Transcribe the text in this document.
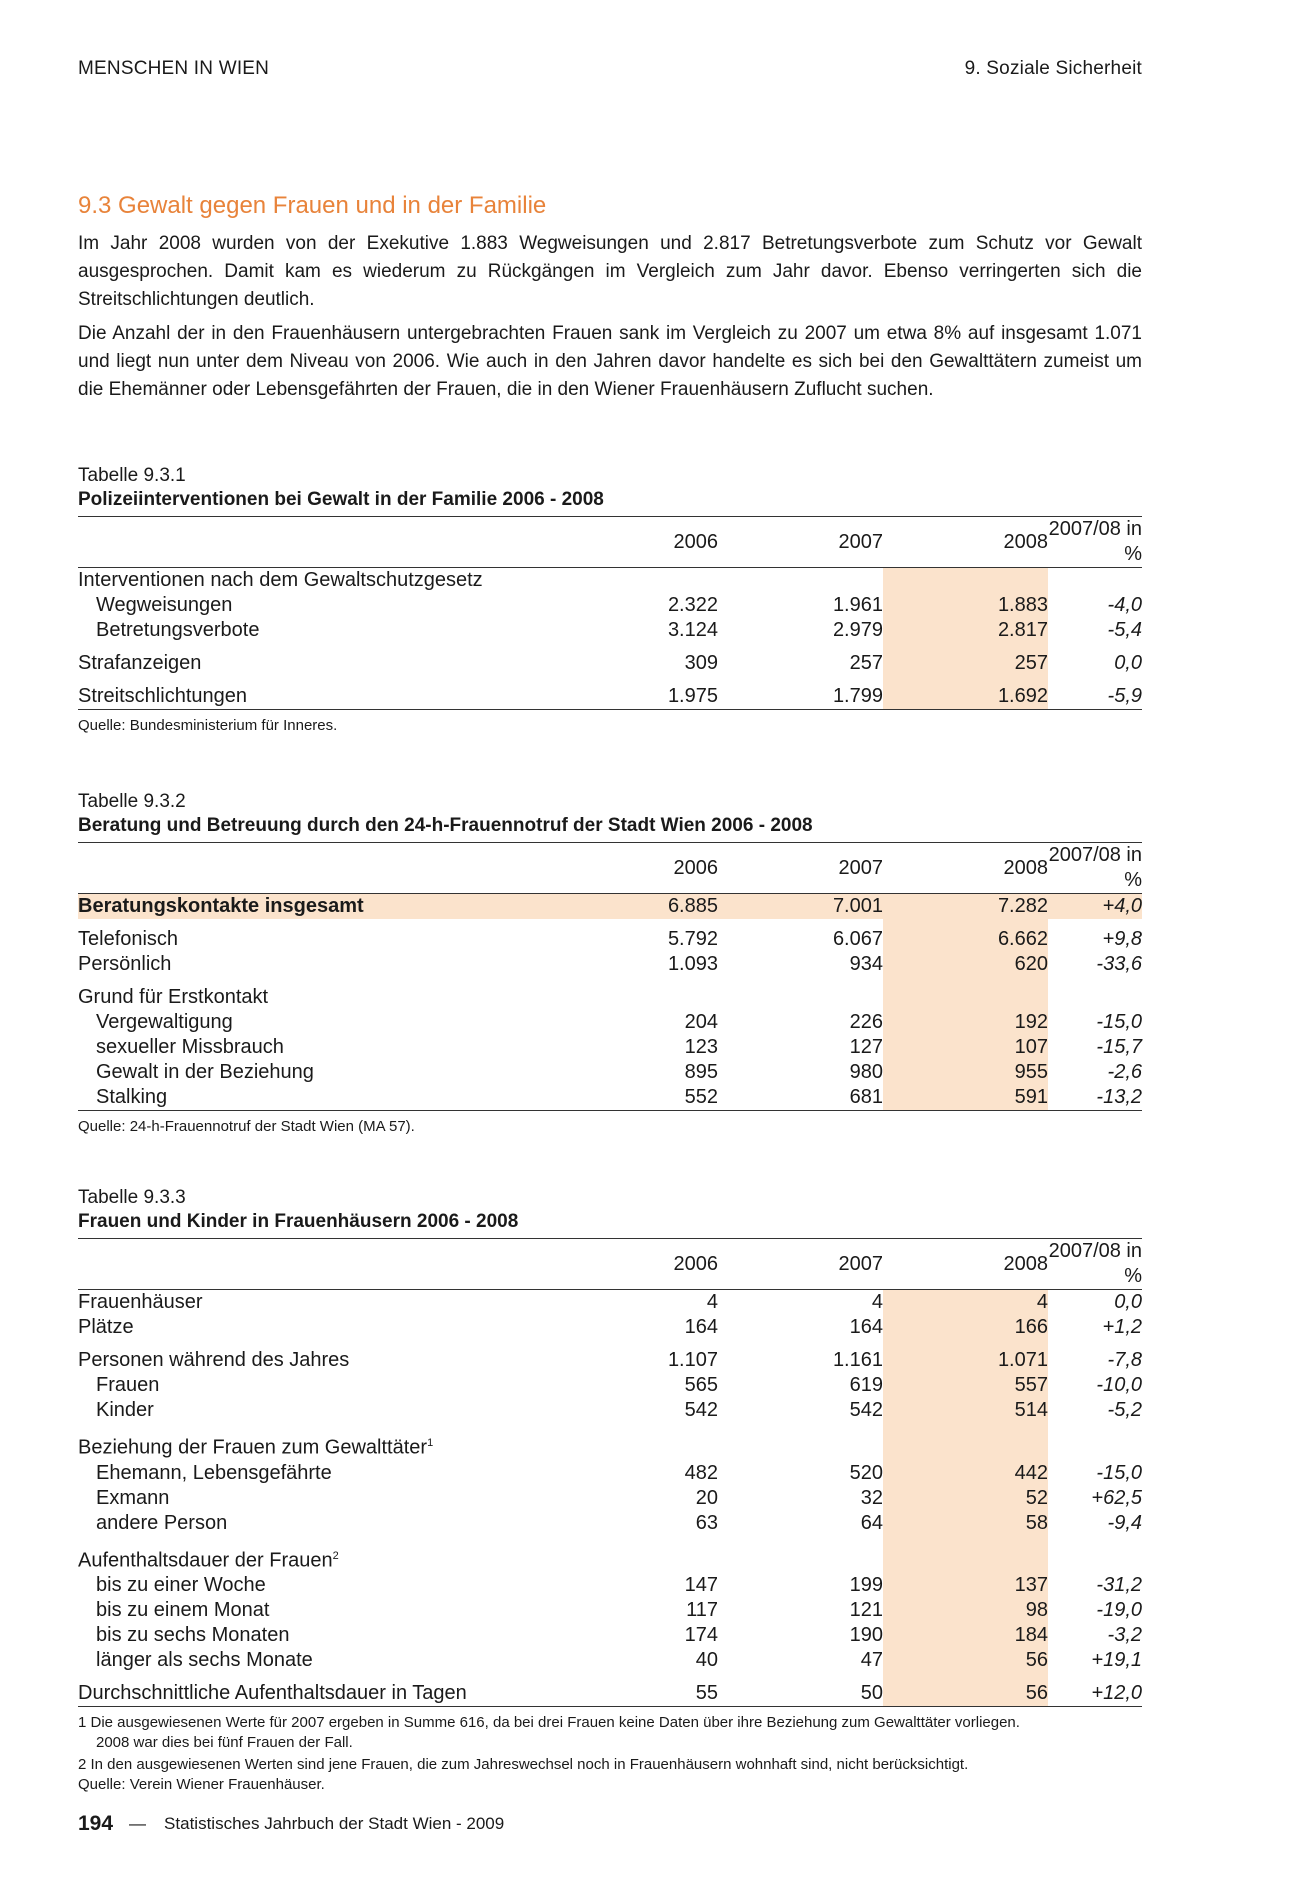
MENSCHEN IN WIEN	9. Soziale Sicherheit
9.3 Gewalt gegen Frauen und in der Familie

Im Jahr 2008 wurden von der Exekutive 1.883 Wegweisungen und 2.817 Betretungsverbote zum Schutz vor Gewalt ausgesprochen. Damit kam es wiederum zu Rückgängen im Vergleich zum Jahr davor. Ebenso verringerten sich die Streitschlichtungen deutlich.

Die Anzahl der in den Frauenhäusern untergebrachten Frauen sank im Vergleich zu 2007 um etwa 8% auf insgesamt 1.071 und liegt nun unter dem Niveau von 2006. Wie auch in den Jahren davor handelte es sich bei den Gewalttätern zumeist um die Ehemänner oder Lebensgefährten der Frauen, die in den Wiener Frauenhäusern Zuflucht suchen.

Tabelle 9.3.1
Polizeiinterventionen bei Gewalt in der Familie 2006 - 2008
	2006	2007	2008	2007/08 in %
Interventionen nach dem Gewaltschutzgesetz				
Wegweisungen	2.322	1.961	1.883	-4,0
Betretungsverbote	3.124	2.979	2.817	-5,4
Strafanzeigen	309	257	257	0,0
Streitschlichtungen	1.975	1.799	1.692	-5,9
Quelle: Bundesministerium für Inneres.
Tabelle 9.3.2
Beratung und Betreuung durch den 24-h-Frauennotruf der Stadt Wien 2006 - 2008
	2006	2007	2008	2007/08 in %
Beratungskontakte insgesamt	6.885	7.001	7.282	+4,0
Telefonisch	5.792	6.067	6.662	+9,8
Persönlich	1.093	934	620	-33,6
Grund für Erstkontakt				
Vergewaltigung	204	226	192	-15,0
sexueller Missbrauch	123	127	107	-15,7
Gewalt in der Beziehung	895	980	955	-2,6
Stalking	552	681	591	-13,2
Quelle: 24-h-Frauennotruf der Stadt Wien (MA 57).
Tabelle 9.3.3
Frauen und Kinder in Frauenhäusern 2006 - 2008
	2006	2007	2008	2007/08 in %
Frauenhäuser	4	4	4	0,0
Plätze	164	164	166	+1,2
Personen während des Jahres	1.107	1.161	1.071	-7,8
Frauen	565	619	557	-10,0
Kinder	542	542	514	-5,2
Beziehung der Frauen zum Gewalttäter$^1$				
Ehemann, Lebensgefährte	482	520	442	-15,0
Exmann	20	32	52	+62,5
andere Person	63	64	58	-9,4
Aufenthaltsdauer der Frauen$^2$				
bis zu einer Woche	147	199	137	-31,2
bis zu einem Monat	117	121	98	-19,0
bis zu sechs Monaten	174	190	184	-3,2
länger als sechs Monate	40	47	56	+19,1
Durchschnittliche Aufenthaltsdauer in Tagen	55	50	56	+12,0
1 Die ausgewiesenen Werte für 2007 ergeben in Summe 616, da bei drei Frauen keine Daten über ihre Beziehung zum Gewalttäter vorliegen.
2008 war dies bei fünf Frauen der Fall.
2 In den ausgewiesenen Werten sind jene Frauen, die zum Jahreswechsel noch in Frauenhäusern wohnhaft sind, nicht berücksichtigt.
Quelle: Verein Wiener Frauenhäuser.
194 — Statistisches Jahrbuch der Stadt Wien - 2009
